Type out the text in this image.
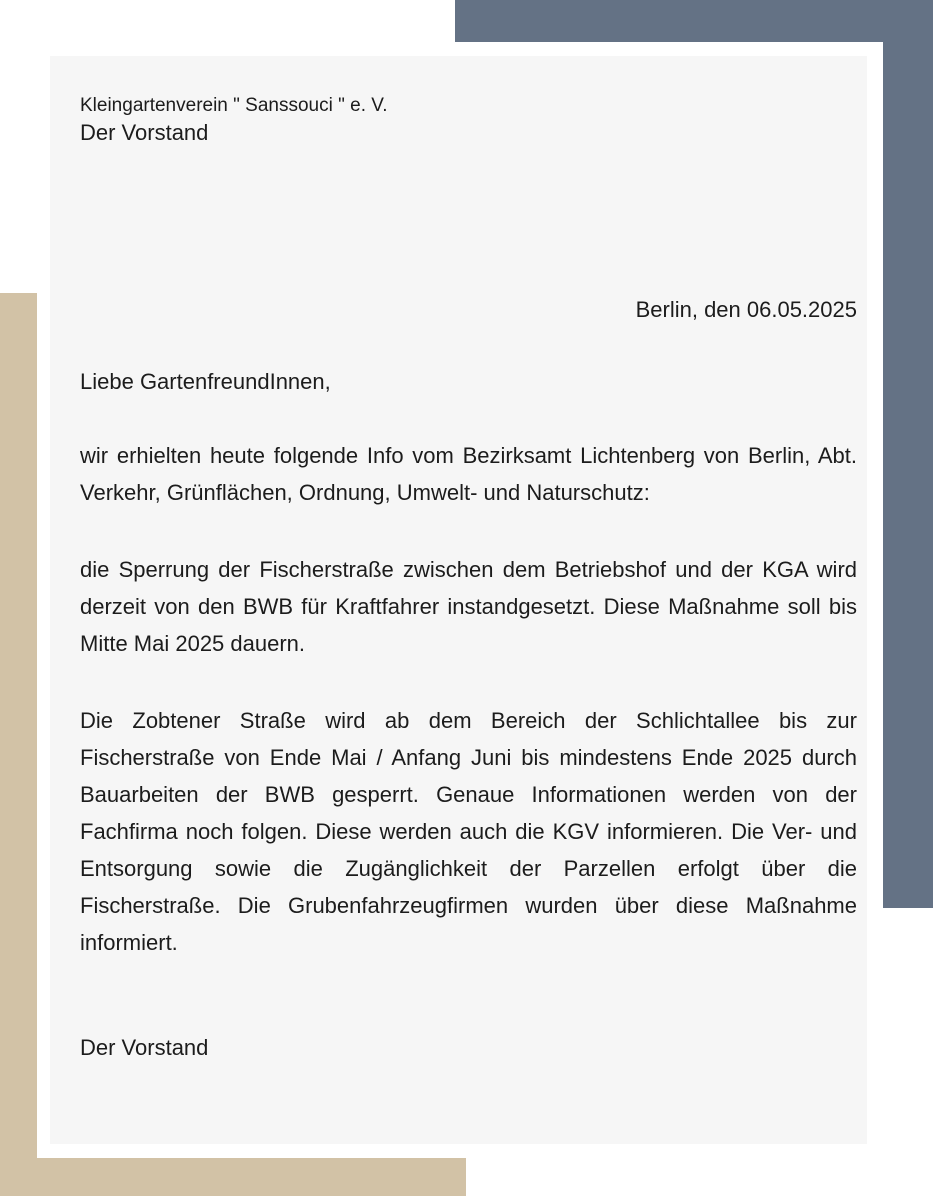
Kleingartenverein " Sanssouci " e. V.

Der Vorstand

Berlin, den 06.05.2025

Liebe GartenfreundInnen,

wir erhielten heute folgende Info vom Bezirksamt Lichtenberg von Berlin, Abt. Verkehr, Grünflächen, Ordnung, Umwelt- und Naturschutz:

die Sperrung der Fischerstraße zwischen dem Betriebshof und der KGA wird derzeit von den BWB für Kraftfahrer instandgesetzt. Diese Maßnahme soll bis Mitte Mai 2025 dauern.

Die Zobtener Straße wird ab dem Bereich der Schlichtallee bis zur Fischerstraße von Ende Mai / Anfang Juni bis mindestens Ende 2025 durch Bauarbeiten der BWB gesperrt. Genaue Informationen werden von der Fachfirma noch folgen. Diese werden auch die KGV informieren. Die Ver- und Entsorgung sowie die Zugänglichkeit der Parzellen erfolgt über die Fischerstraße. Die Grubenfahrzeugfirmen wurden über diese Maßnahme informiert.

Der Vorstand
